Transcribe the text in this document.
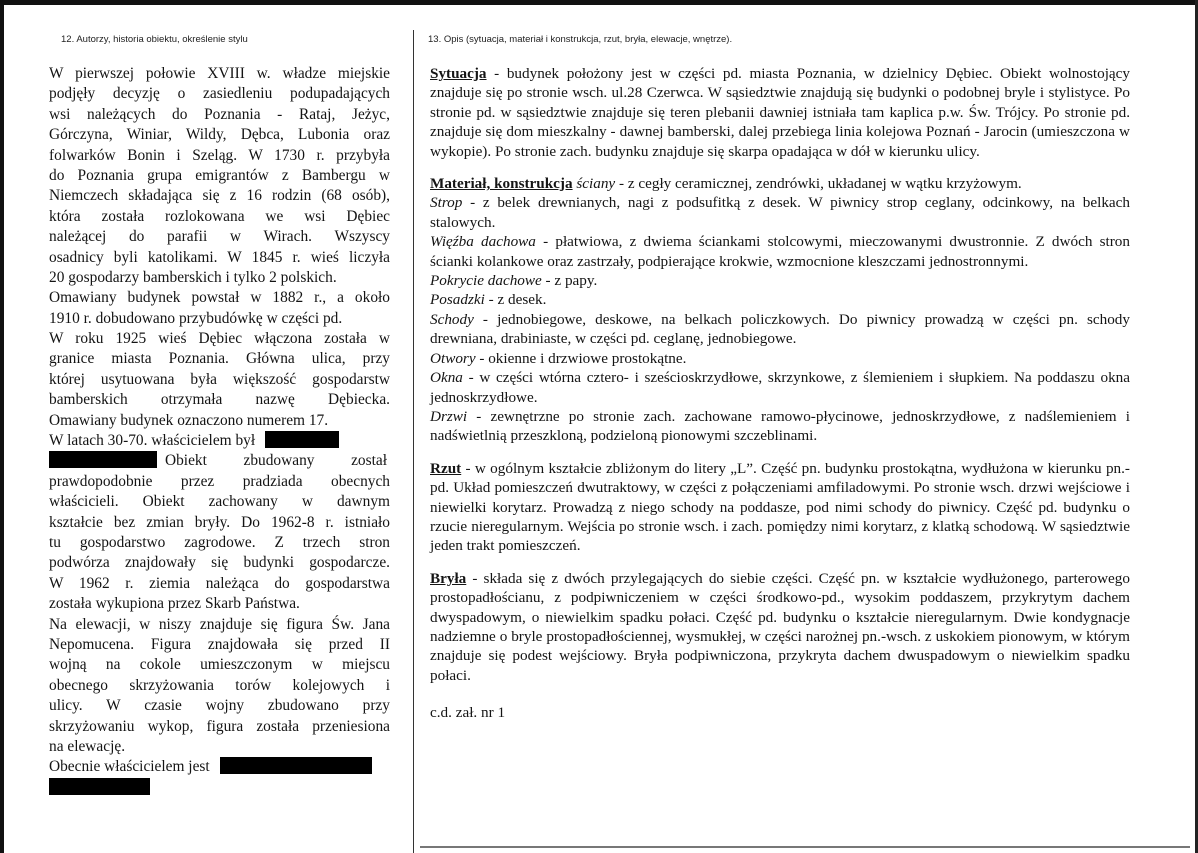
12. Autorzy, historia obiektu, określenie stylu	13. Opis (sytuacja, materiał i konstrukcja, rzut, bryła, elewacje, wnętrze).
W pierwszej połowie XVIII w. władze miejskie
podjęły decyzję o zasiedleniu podupadających
wsi należących do Poznania - Rataj, Jeżyc,
Górczyna, Winiar, Wildy, Dębca, Lubonia oraz
folwarków Bonin i Szeląg. W 1730 r. przybyła
do Poznania grupa emigrantów z Bambergu w
Niemczech składająca się z 16 rodzin (68 osób),
która została rozlokowana we wsi Dębiec
należącej do parafii w Wirach. Wszyscy
osadnicy byli katolikami. W 1845 r. wieś liczyła
20 gospodarzy bamberskich i tylko 2 polskich.
Omawiany budynek powstał w 1882 r., a około
1910 r. dobudowano przybudówkę w części pd.
W roku 1925 wieś Dębiec włączona została w
granice miasta Poznania. Główna ulica, przy
której usytuowana była większość gospodarstw
bamberskich otrzymała nazwę Dębiecka.
Omawiany budynek oznaczono numerem 17.
W latach 30-70. właścicielem był
Obiekt zbudowany został
prawdopodobnie przez pradziada obecnych
właścicieli. Obiekt zachowany w dawnym
kształcie bez zmian bryły. Do 1962-8 r. istniało
tu gospodarstwo zagrodowe. Z trzech stron
podwórza znajdowały się budynki gospodarcze.
W 1962 r. ziemia należąca do gospodarstwa
została wykupiona przez Skarb Państwa.
Na elewacji, w niszy znajduje się figura Św. Jana
Nepomucena. Figura znajdowała się przed II
wojną na cokole umieszczonym w miejscu
obecnego skrzyżowania torów kolejowych i
ulicy. W czasie wojny zbudowano przy
skrzyżowaniu wykop, figura została przeniesiona
na elewację.
Obecnie właścicielem jest

Sytuacja - budynek położony jest w części pd. miasta Poznania, w dzielnicy Dębiec. Obiekt wolnostojący znajduje się po stronie wsch. ul.28 Czerwca. W sąsiedztwie znajdują się budynki o podobnej bryle i stylistyce. Po stronie pd. w sąsiedztwie znajduje się teren plebanii dawniej istniała tam kaplica p.w. Św. Trójcy. Po stronie pd. znajduje się dom mieszkalny - dawnej bamberski, dalej przebiega linia kolejowa Poznań - Jarocin (umieszczona w wykopie). Po stronie zach. budynku znajduje się skarpa opadająca w dół w kierunku ulicy.

Materiał, konstrukcja ściany - z cegły ceramicznej, zendrówki, układanej w wątku krzyżowym.

Strop - z belek drewnianych, nagi z podsufitką z desek. W piwnicy strop ceglany, odcinkowy, na belkach stalowych.

Więźba dachowa - płatwiowa, z dwiema ściankami stolcowymi, mieczowanymi dwustronnie. Z dwóch stron ścianki kolankowe oraz zastrzały, podpierające krokwie, wzmocnione kleszczami jednostronnymi.

Pokrycie dachowe - z papy.

Posadzki - z desek.

Schody - jednobiegowe, deskowe, na belkach policzkowych. Do piwnicy prowadzą w części pn. schody drewniana, drabiniaste, w części pd. ceglanę, jednobiegowe.

Otwory - okienne i drzwiowe prostokątne.

Okna - w części wtórna cztero- i sześcioskrzydłowe, skrzynkowe, z ślemieniem i słupkiem. Na poddaszu okna jednoskrzydłowe.

Drzwi - zewnętrzne po stronie zach. zachowane ramowo-płycinowe, jednoskrzydłowe, z nadślemieniem i nadświetlnią przeszkloną, podzieloną pionowymi szczeblinami.

Rzut - w ogólnym kształcie zbliżonym do litery „L”. Część pn. budynku prostokątna, wydłużona w kierunku pn.-pd. Układ pomieszczeń dwutraktowy, w części z połączeniami amfiladowymi. Po stronie wsch. drzwi wejściowe i niewielki korytarz. Prowadzą z niego schody na poddasze, pod nimi schody do piwnicy. Część pd. budynku o rzucie nieregularnym. Wejścia po stronie wsch. i zach. pomiędzy nimi korytarz, z klatką schodową. W sąsiedztwie jeden trakt pomieszczeń.

Bryła - składa się z dwóch przylegających do siebie części. Część pn. w kształcie wydłużonego, parterowego prostopadłościanu, z podpiwniczeniem w części środkowo-pd., wysokim poddaszem, przykrytym dachem dwyspadowym, o niewielkim spadku połaci. Część pd. budynku o kształcie nieregularnym. Dwie kondygnacje nadziemne o bryle prostopadłościennej, wysmukłej, w części narożnej pn.-wsch. z uskokiem pionowym, w którym znajduje się podest wejściowy. Bryła podpiwniczona, przykryta dachem dwuspadowym o niewielkim spadku połaci.

c.d. zał. nr 1
